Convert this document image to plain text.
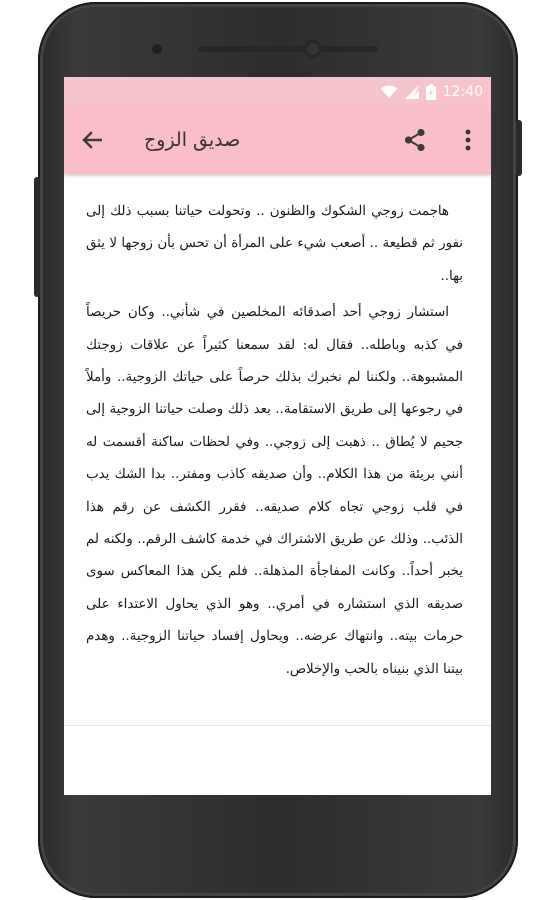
12:40
صديق الزوج

هاجمت زوجي الشكوك والظنون .. وتحولت حياتنا بسبب ذلك إلى نفور ثم قطيعة .. أصعب شيء على المرأة أن تحس بأن زوجها لا يثق بها..

استشار زوجي أحد أصدقائه المخلصين في شأني.. وكان حريصاً في كذبه وباطله.. فقال له: لقد سمعنا كثيراً عن علاقات زوجتك المشبوهة.. ولكننا لم نخبرك بذلك حرصاً على حياتك الزوجية.. وأملاً في رجوعها إلى طريق الاستقامة.. بعد ذلك وصلت حياتنا الزوجية إلى جحيم لا يُطاق .. ذهبت إلى زوجي.. وفي لحظات ساكنة أقسمت له أنني بريئة من هذا الكلام.. وأن صديقه كاذب ومفتر.. بدا الشك يدب في قلب زوجي تجاه كلام صديقه.. فقرر الكشف عن رقم هذا الذئب.. وذلك عن طريق الاشتراك في خدمة كاشف الرقم.. ولكنه لم يخبر أحداً.. وكانت المفاجأة المذهلة.. فلم يكن هذا المعاكس سوى صديقه الذي استشاره في أمري.. وهو الذي يحاول الاعتداء على حرمات بيته.. وانتهاك عرضه.. ويحاول إفساد حياتنا الزوجية.. وهدم بيتنا الذي بنيناه بالحب والإخلاص.
